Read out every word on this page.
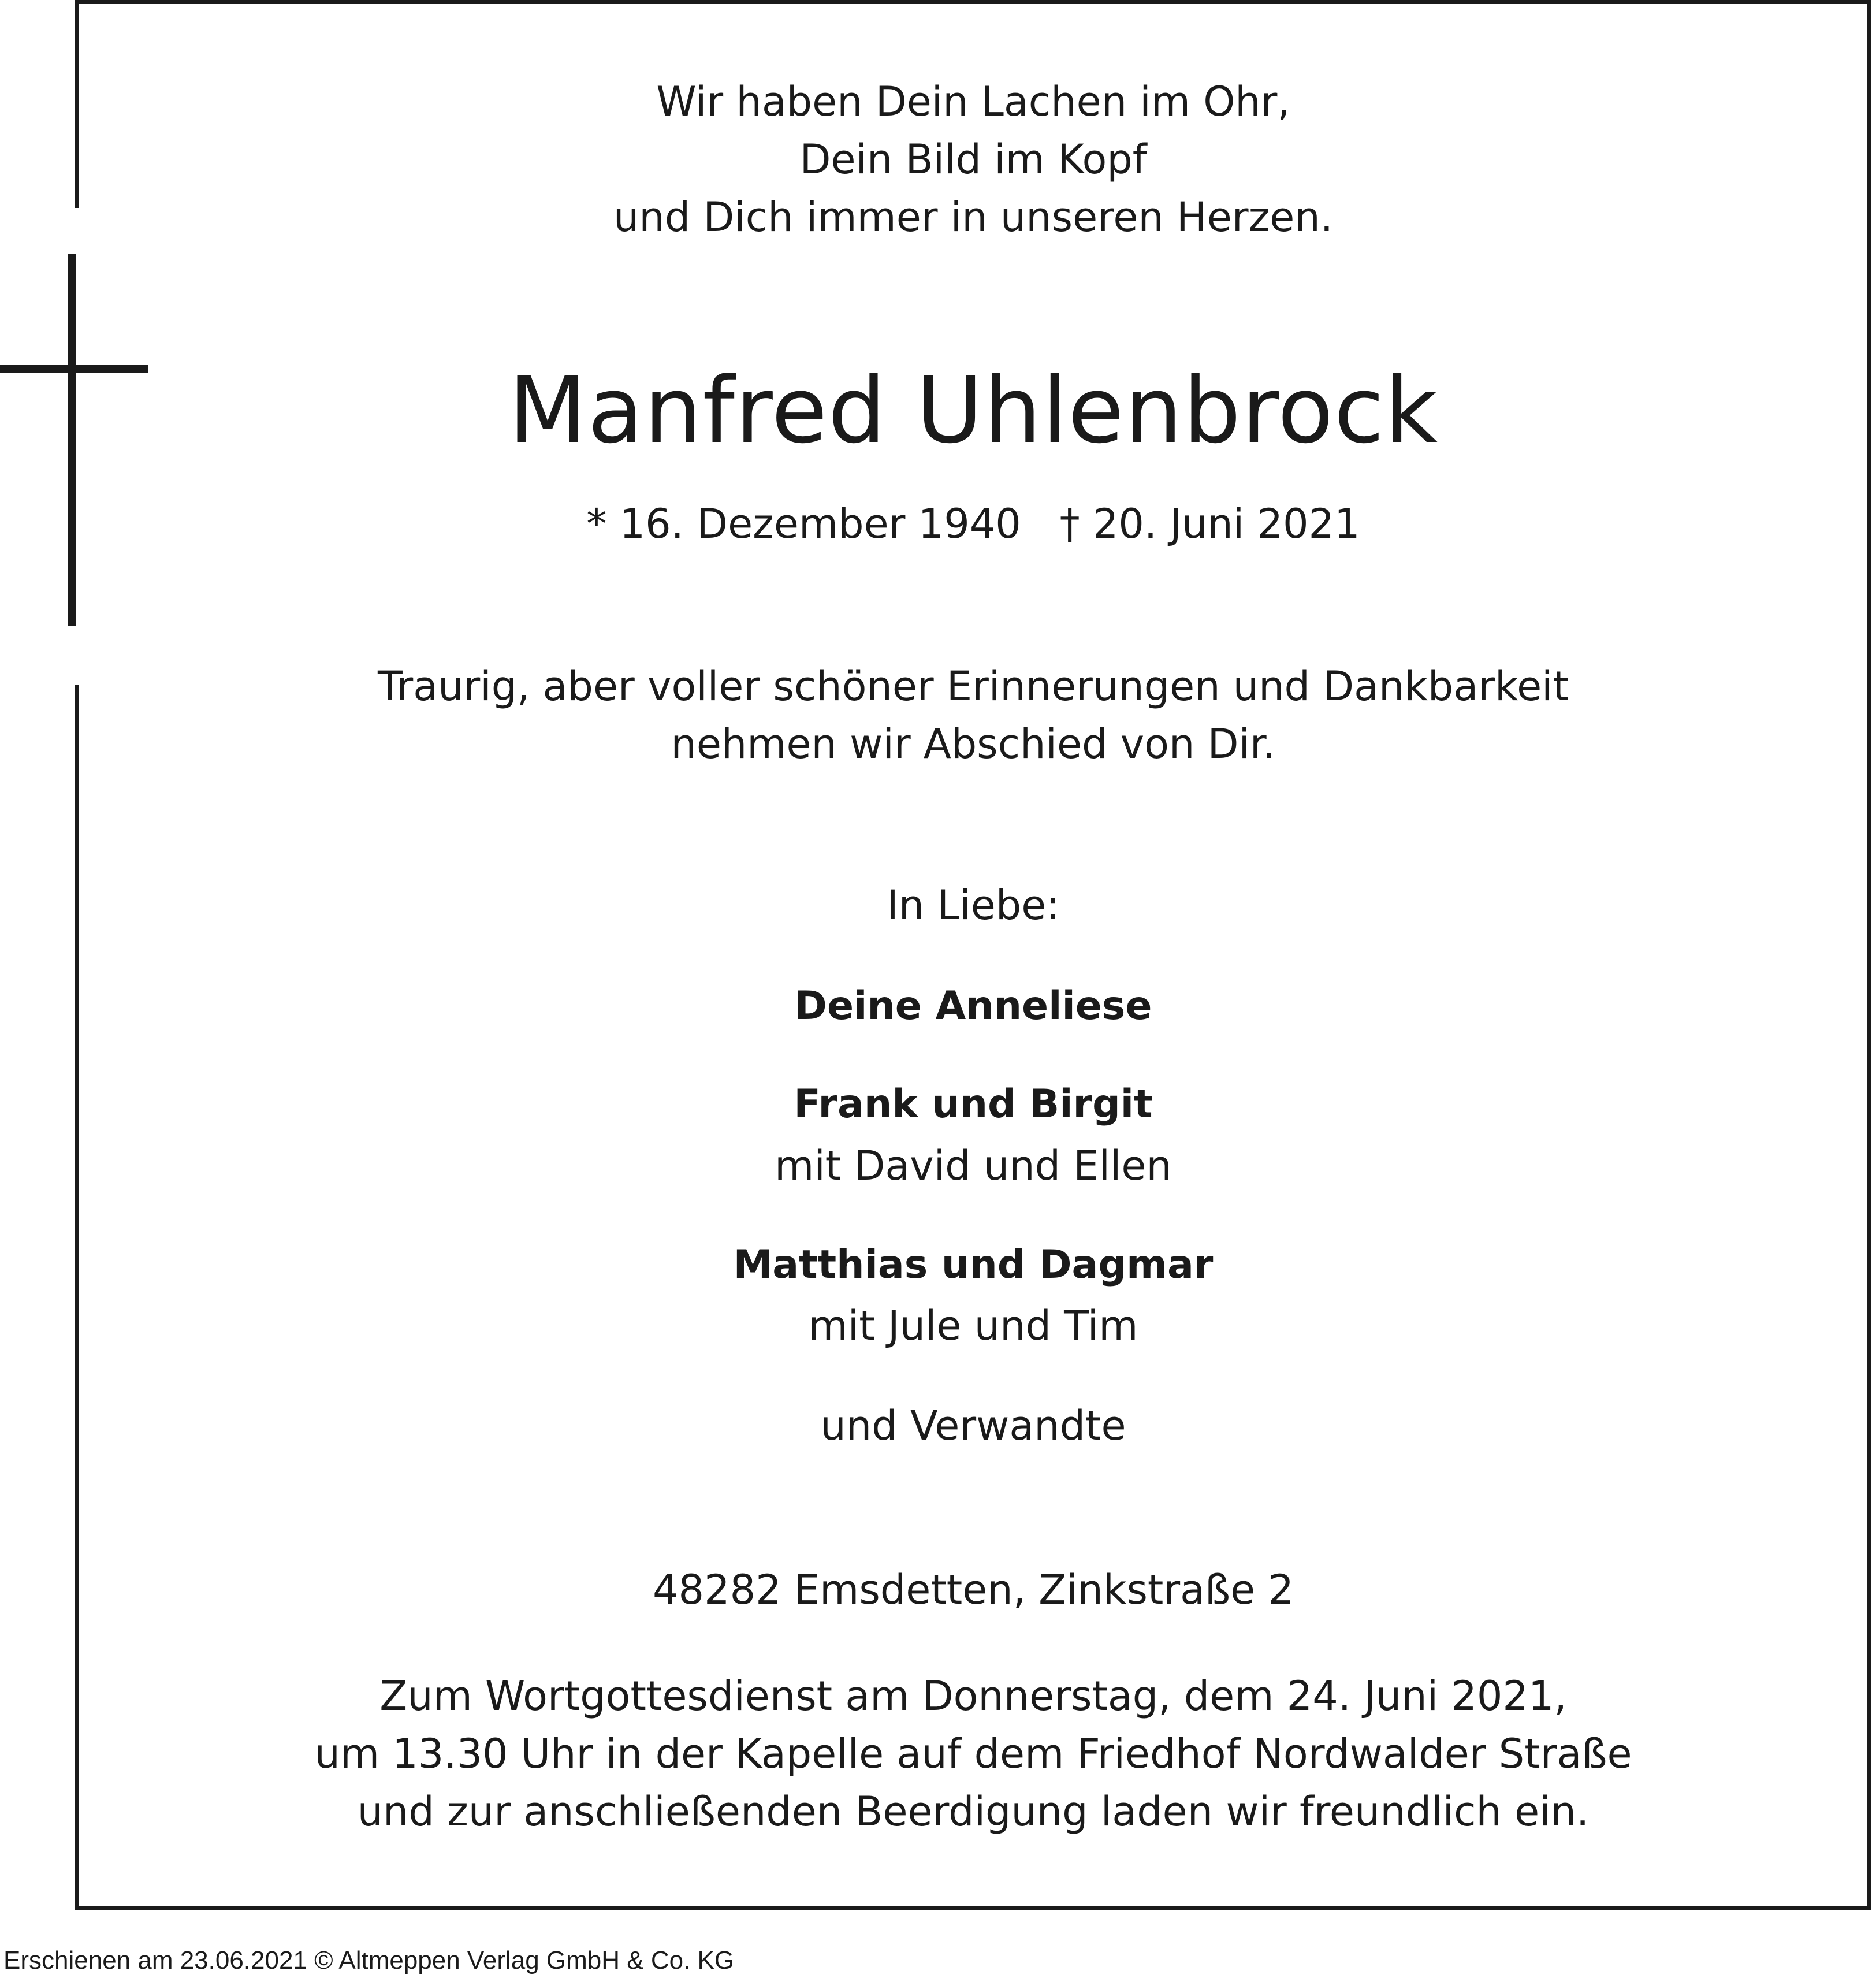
Wir haben Dein Lachen im Ohr,
Dein Bild im Kopf
und Dich immer in unseren Herzen.
Manfred Uhlenbrock
* 16. Dezember 1940   † 20. Juni 2021
Traurig, aber voller schöner Erinnerungen und Dankbarkeit
nehmen wir Abschied von Dir.
In Liebe:
Deine Anneliese
Frank und Birgit
mit David und Ellen
Matthias und Dagmar
mit Jule und Tim
und Verwandte
48282 Emsdetten, Zinkstraße 2
Zum Wortgottesdienst am Donnerstag, dem 24. Juni 2021,
um 13.30 Uhr in der Kapelle auf dem Friedhof Nordwalder Straße
und zur anschließenden Beerdigung laden wir freundlich ein.
Erschienen am 23.06.2021 © Altmeppen Verlag GmbH & Co. KG
